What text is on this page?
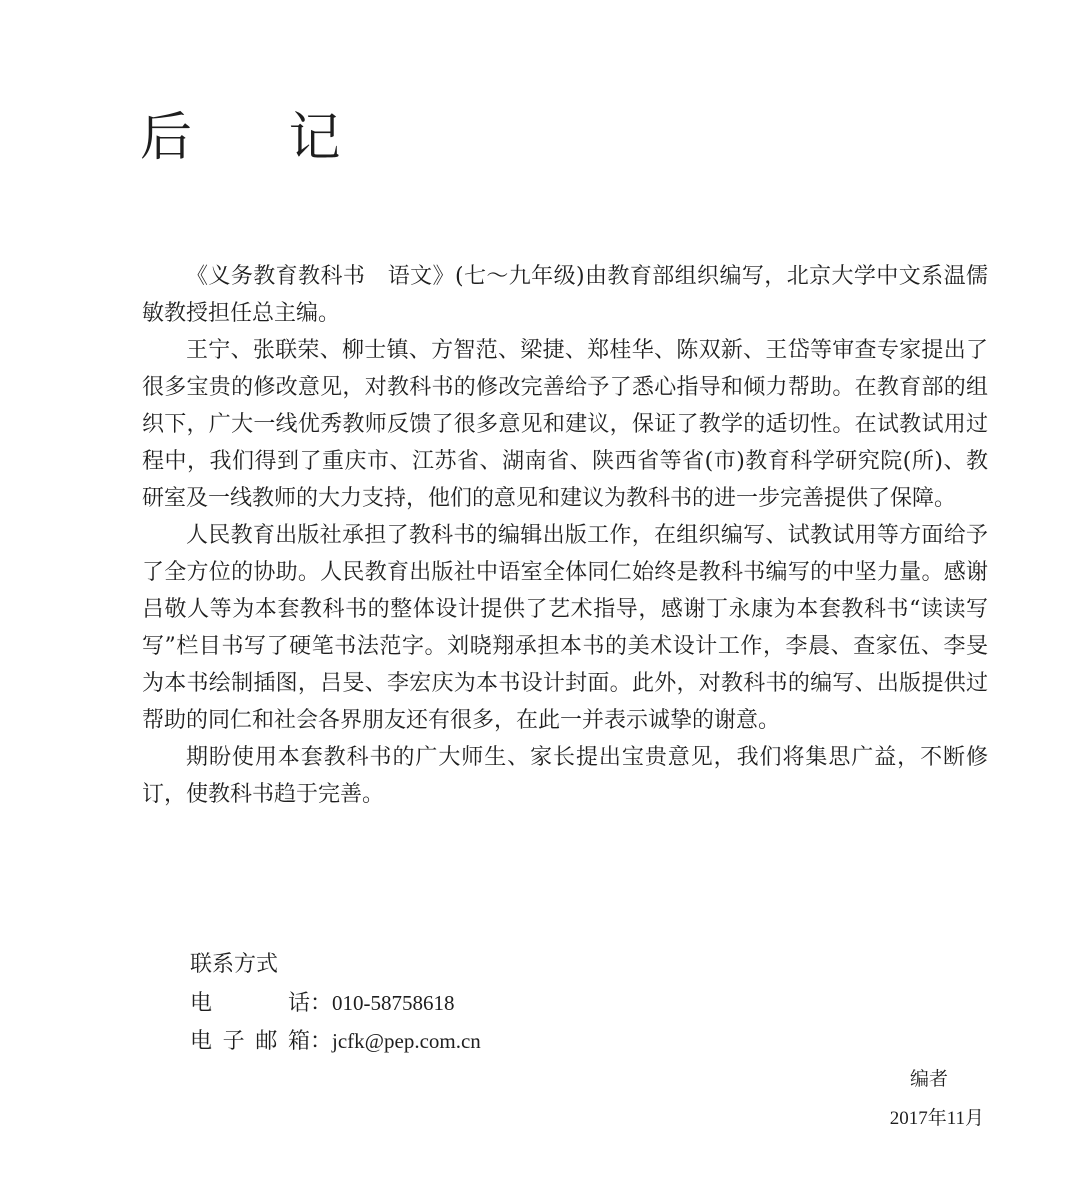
后 记

《义务教育教科书　语文》(七～九年级)由教育部组织编写，北京大学中文系温儒敏教授担任总主编。

王宁、张联荣、柳士镇、方智范、梁捷、郑桂华、陈双新、王岱等审查专家提出了很多宝贵的修改意见，对教科书的修改完善给予了悉心指导和倾力帮助。在教育部的组织下，广大一线优秀教师反馈了很多意见和建议，保证了教学的适切性。在试教试用过程中，我们得到了重庆市、江苏省、湖南省、陕西省等省(市)教育科学研究院(所)、教研室及一线教师的大力支持，他们的意见和建议为教科书的进一步完善提供了保障。

人民教育出版社承担了教科书的编辑出版工作，在组织编写、试教试用等方面给予了全方位的协助。人民教育出版社中语室全体同仁始终是教科书编写的中坚力量。感谢吕敬人等为本套教科书的整体设计提供了艺术指导，感谢丁永康为本套教科书“读读写写”栏目书写了硬笔书法范字。刘晓翔承担本书的美术设计工作，李晨、查家伍、李旻为本书绘制插图，吕旻、李宏庆为本书设计封面。此外，对教科书的编写、出版提供过帮助的同仁和社会各界朋友还有很多，在此一并表示诚挚的谢意。

期盼使用本套教科书的广大师生、家长提出宝贵意见，我们将集思广益，不断修订，使教科书趋于完善。

联系方式
电　　话：010-58758618
电子邮箱：jcfk@pep.com.cn
编者
2017年11月
